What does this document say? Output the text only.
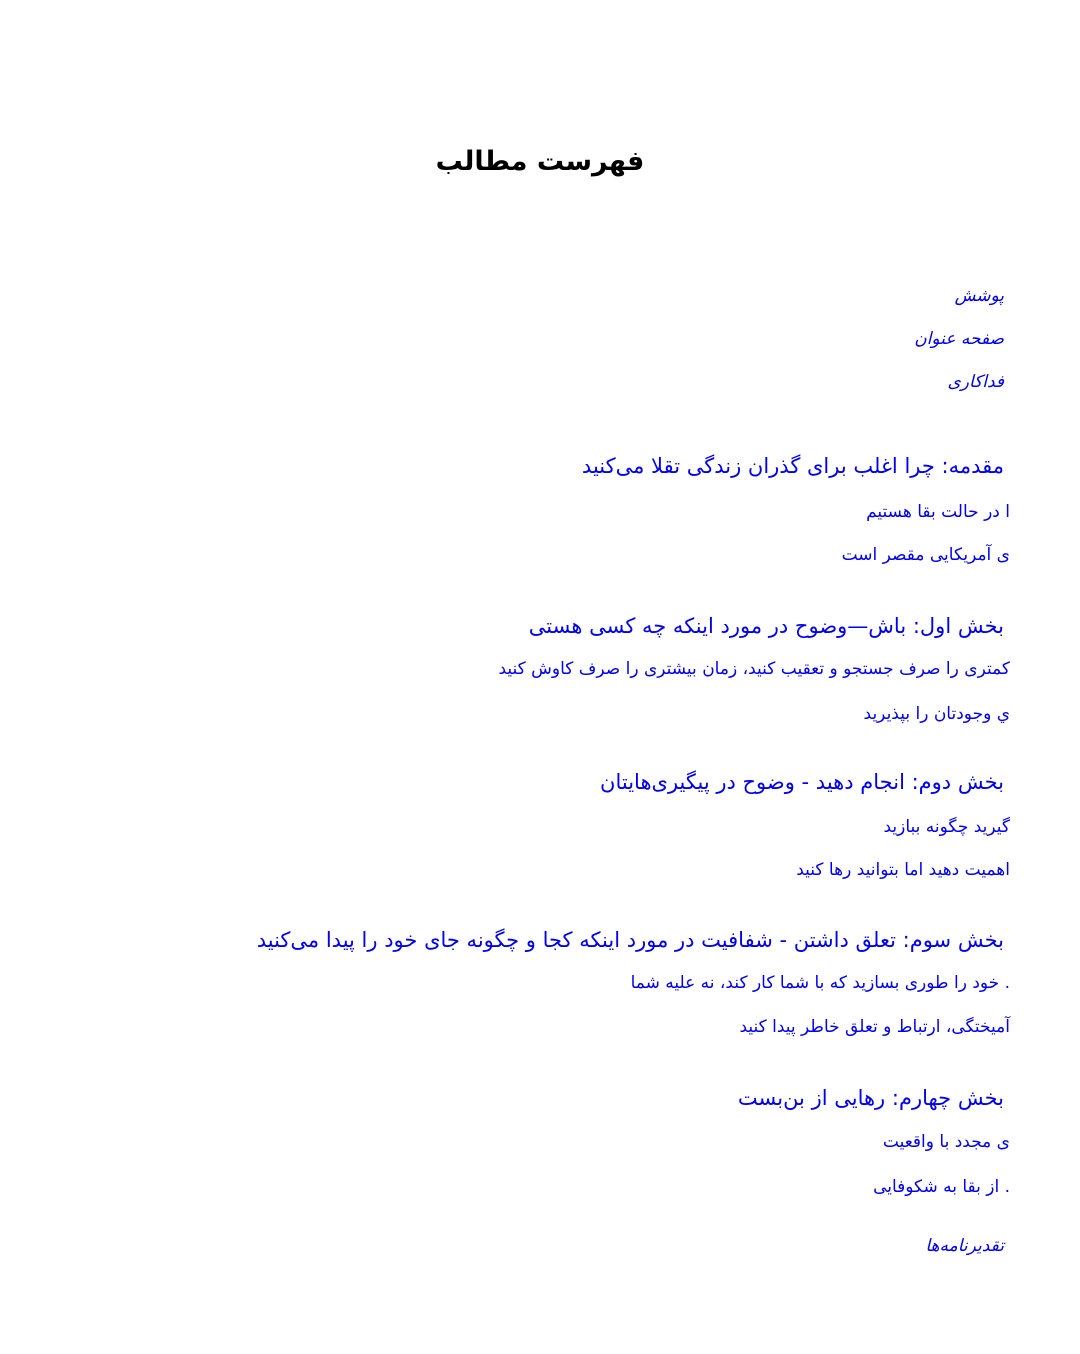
فهرست مطالب
پوشش
صفحه عنوان
فداکاری
مقدمه: چرا اغلب برای گذران زندگی تقلا می‌کنید
ا در حالت بقا هستیم
ی آمریکایی مقصر است
بخش اول: باش—وضوح در مورد اینکه چه کسی هستی
کمتری را صرف جستجو و تعقیب کنید، زمان بیشتری را صرف کاوش کنید
ي وجودتان را بپذیرید
بخش دوم: انجام دهید - وضوح در پیگیری‌هایتان
گیرید چگونه ببازید
اهمیت دهید اما بتوانید رها کنید
بخش سوم: تعلق داشتن - شفافیت در مورد اینکه کجا و چگونه جای خود را پیدا می‌کنید
. خود را طوری بسازید که با شما کار کند، نه علیه شما
آمیختگی، ارتباط و تعلق خاطر پیدا کنید
بخش چهارم: رهایی از بن‌بست
ی مجدد با واقعیت
. از بقا به شکوفایی
تقدیرنامه‌ها
